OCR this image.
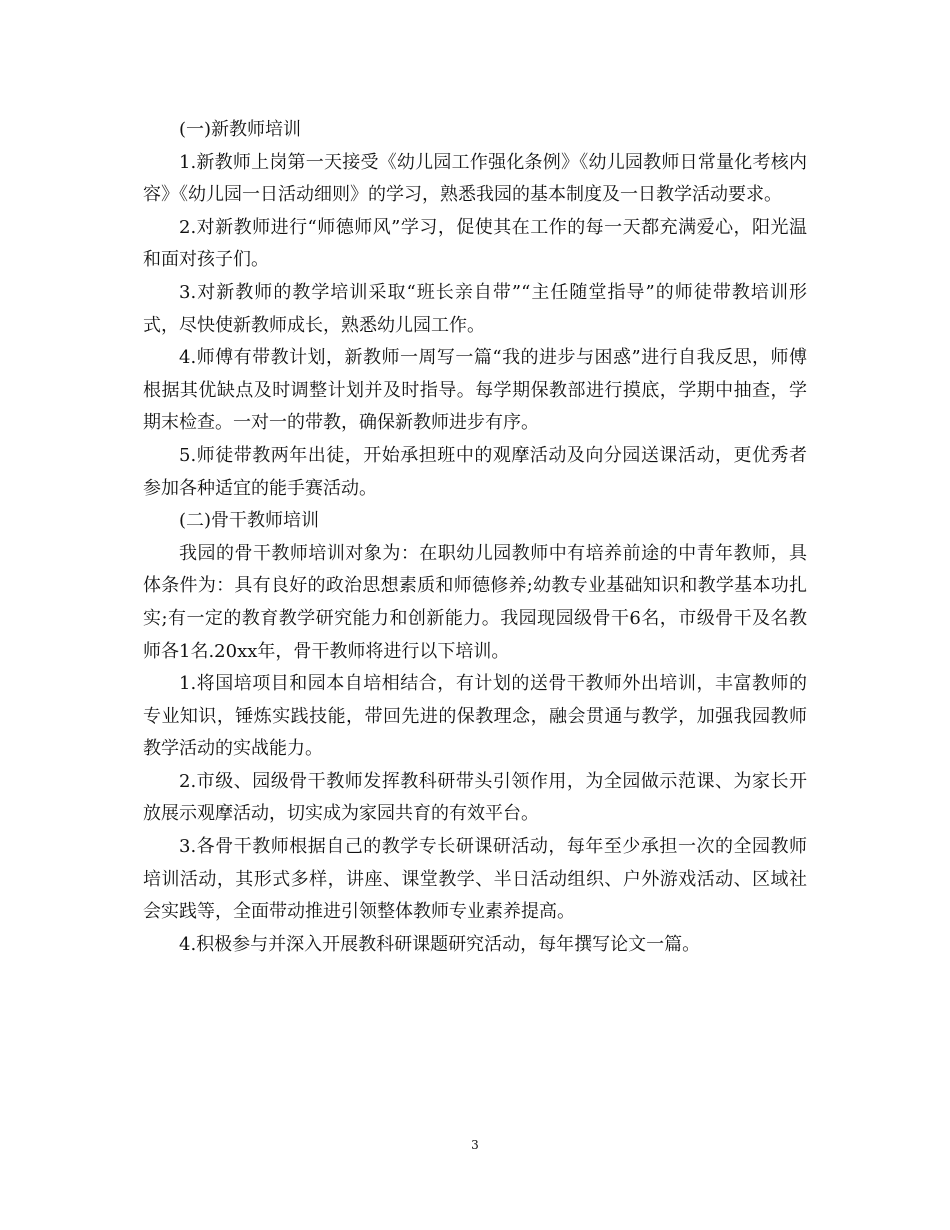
(一)新教师培训

1.新教师上岗第一天接受《幼儿园工作强化条例》《幼儿园教师日常量化考核内容》《幼儿园一日活动细则》的学习，熟悉我园的基本制度及一日教学活动要求。

2.对新教师进行“师德师风”学习，促使其在工作的每一天都充满爱心，阳光温和面对孩子们。

3.对新教师的教学培训采取“班长亲自带”“主任随堂指导”的师徒带教培训形式，尽快使新教师成长，熟悉幼儿园工作。

4.师傅有带教计划，新教师一周写一篇“我的进步与困惑”进行自我反思，师傅根据其优缺点及时调整计划并及时指导。每学期保教部进行摸底，学期中抽查，学期末检查。一对一的带教，确保新教师进步有序。

5.师徒带教两年出徒，开始承担班中的观摩活动及向分园送课活动，更优秀者参加各种适宜的能手赛活动。

(二)骨干教师培训

我园的骨干教师培训对象为：在职幼儿园教师中有培养前途的中青年教师，具体条件为：具有良好的政治思想素质和师德修养;幼教专业基础知识和教学基本功扎实;有一定的教育教学研究能力和创新能力。我园现园级骨干6名，市级骨干及名教师各1名.20xx年，骨干教师将进行以下培训。

1.将国培项目和园本自培相结合，有计划的送骨干教师外出培训，丰富教师的专业知识，锤炼实践技能，带回先进的保教理念，融会贯通与教学，加强我园教师教学活动的实战能力。

2.市级、园级骨干教师发挥教科研带头引领作用，为全园做示范课、为家长开放展示观摩活动，切实成为家园共育的有效平台。

3.各骨干教师根据自己的教学专长研课研活动，每年至少承担一次的全园教师培训活动，其形式多样，讲座、课堂教学、半日活动组织、户外游戏活动、区域社会实践等，全面带动推进引领整体教师专业素养提高。

4.积极参与并深入开展教科研课题研究活动，每年撰写论文一篇。

3
